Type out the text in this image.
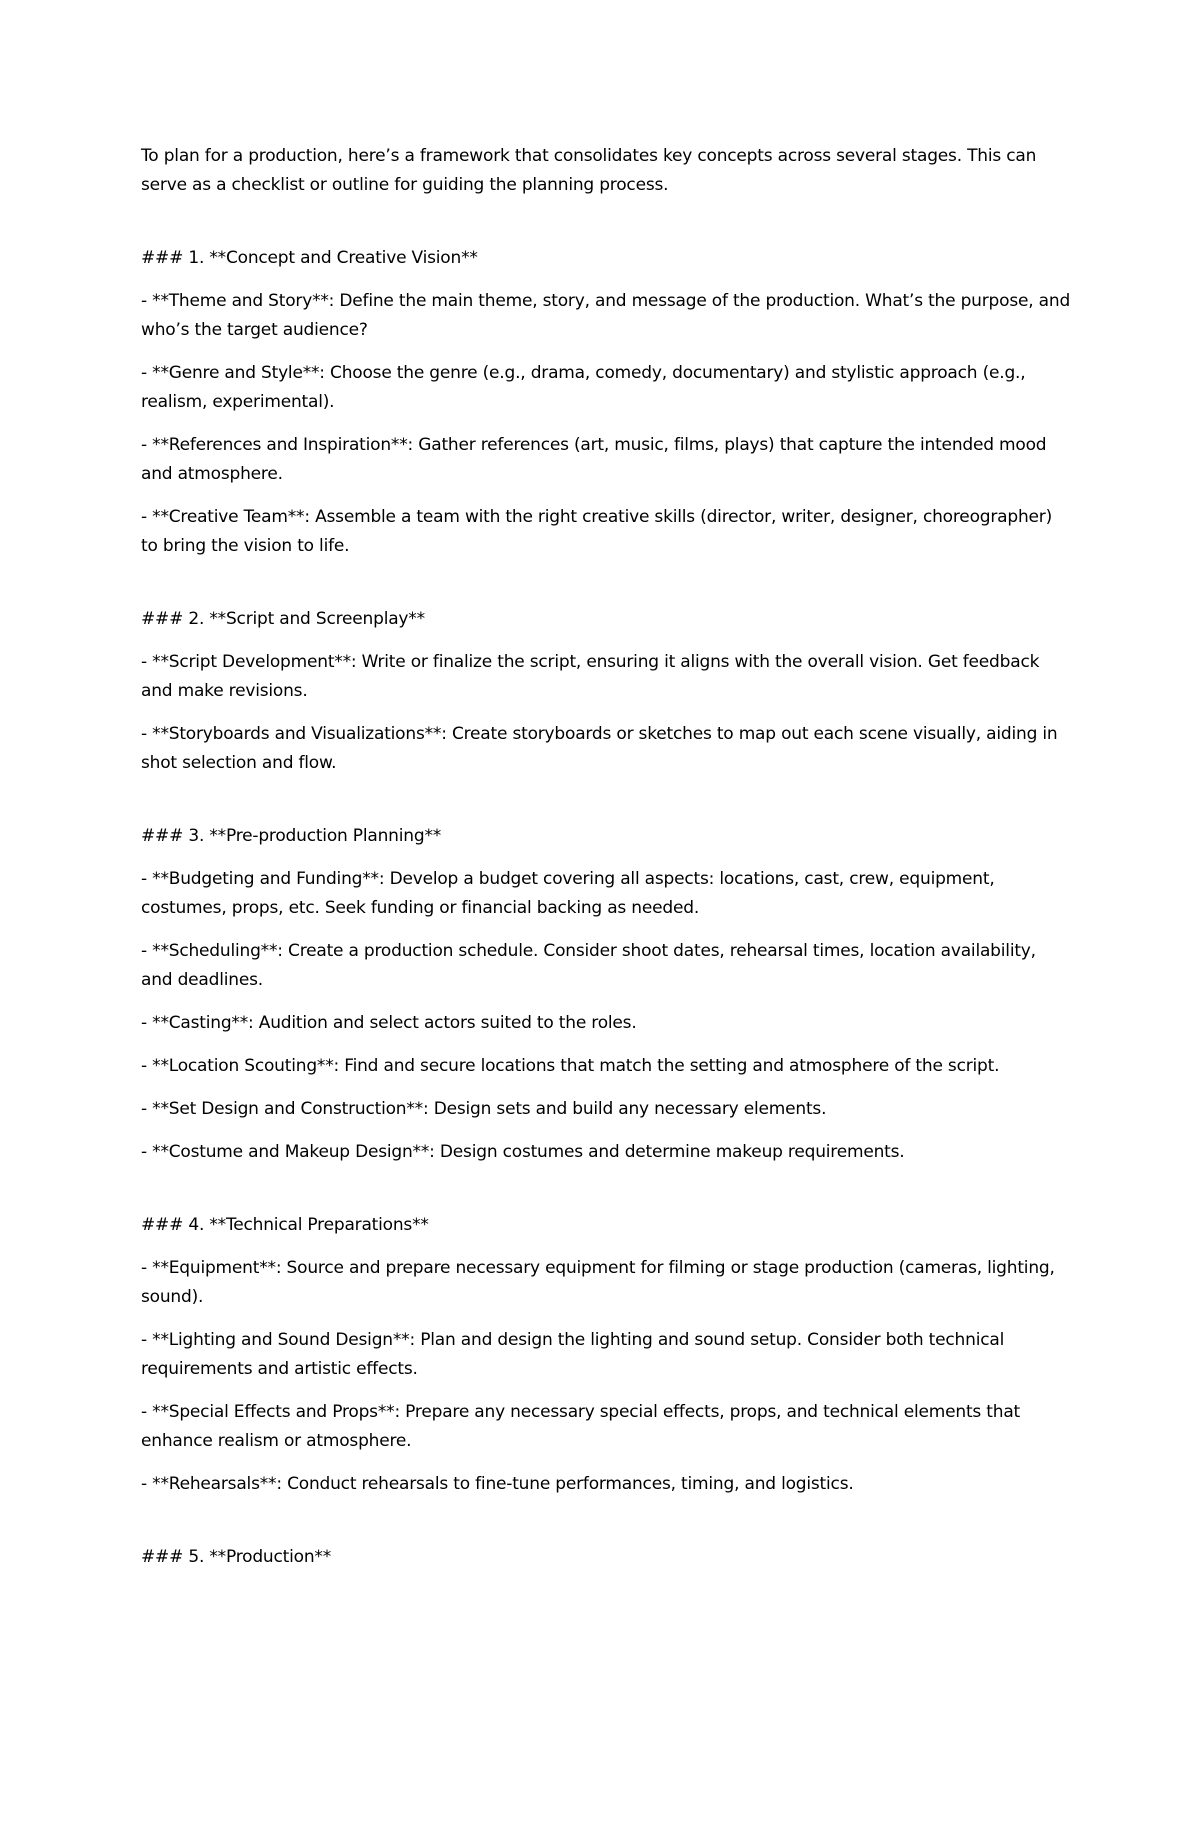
To plan for a production, here’s a framework that consolidates key concepts across several stages. This can serve as a checklist or outline for guiding the planning process.

### 1. **Concept and Creative Vision**

- **Theme and Story**: Define the main theme, story, and message of the production. What’s the purpose, and who’s the target audience?

- **Genre and Style**: Choose the genre (e.g., drama, comedy, documentary) and stylistic approach (e.g., realism, experimental).

- **References and Inspiration**: Gather references (art, music, films, plays) that capture the intended mood and atmosphere.

- **Creative Team**: Assemble a team with the right creative skills (director, writer, designer, choreographer) to bring the vision to life.

### 2. **Script and Screenplay**

- **Script Development**: Write or finalize the script, ensuring it aligns with the overall vision. Get feedback and make revisions.

- **Storyboards and Visualizations**: Create storyboards or sketches to map out each scene visually, aiding in shot selection and flow.

### 3. **Pre-production Planning**

- **Budgeting and Funding**: Develop a budget covering all aspects: locations, cast, crew, equipment, costumes, props, etc. Seek funding or financial backing as needed.

- **Scheduling**: Create a production schedule. Consider shoot dates, rehearsal times, location availability, and deadlines.

- **Casting**: Audition and select actors suited to the roles.

- **Location Scouting**: Find and secure locations that match the setting and atmosphere of the script.

- **Set Design and Construction**: Design sets and build any necessary elements.

- **Costume and Makeup Design**: Design costumes and determine makeup requirements.

### 4. **Technical Preparations**

- **Equipment**: Source and prepare necessary equipment for filming or stage production (cameras, lighting, sound).

- **Lighting and Sound Design**: Plan and design the lighting and sound setup. Consider both technical requirements and artistic effects.

- **Special Effects and Props**: Prepare any necessary special effects, props, and technical elements that enhance realism or atmosphere.

- **Rehearsals**: Conduct rehearsals to fine-tune performances, timing, and logistics.

### 5. **Production**
